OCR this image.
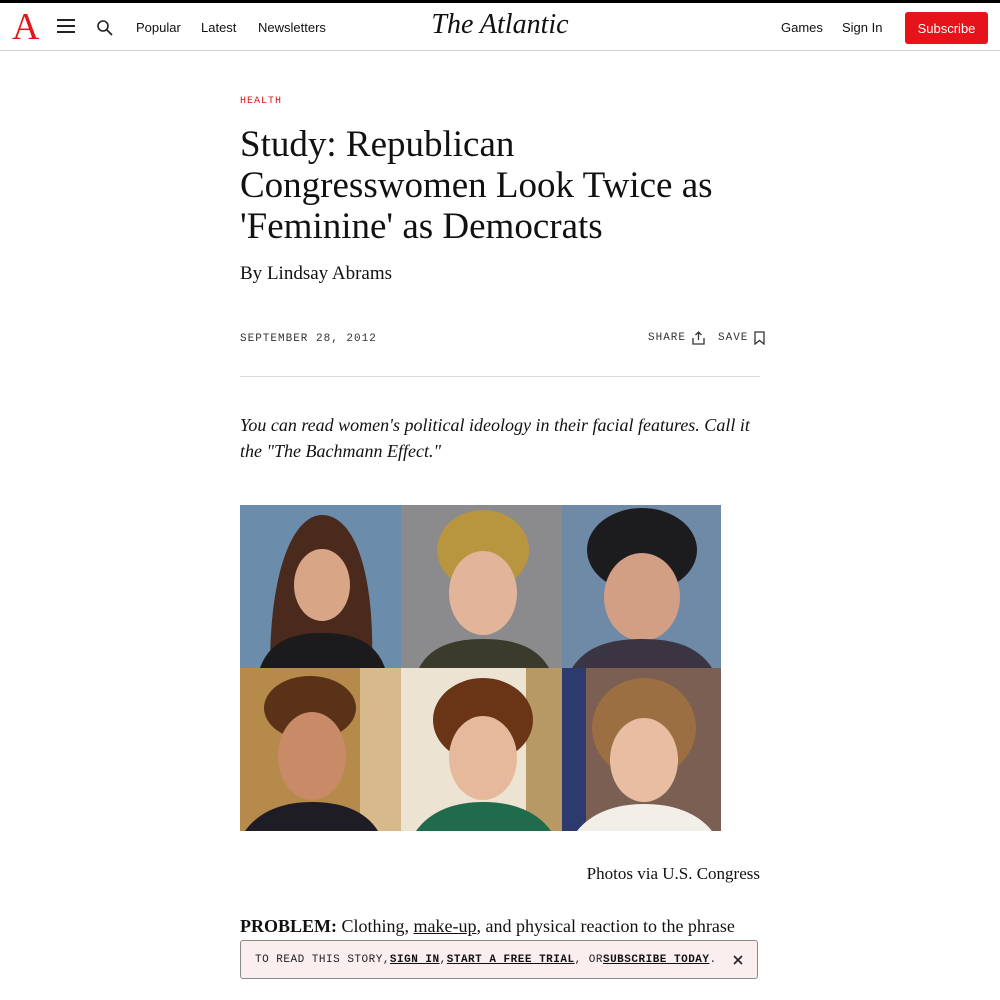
A	Popular Latest Newsletters	The Atlantic	Games Sign In	Subscribe
HEALTH
Study: Republican Congresswomen Look Twice as 'Feminine' as Democrats
By Lindsay Abrams
SEPTEMBER 28, 2012	SHARE	SAVE
You can read women's political ideology in their facial features. Call it the "The Bachmann Effect."
Photos via U.S. Congress
PROBLEM: Clothing, make-up, and physical reaction to the phrase
TO READ THIS STORY, SIGN IN , START A FREE TRIAL , OR SUBSCRIBE TODAY .
